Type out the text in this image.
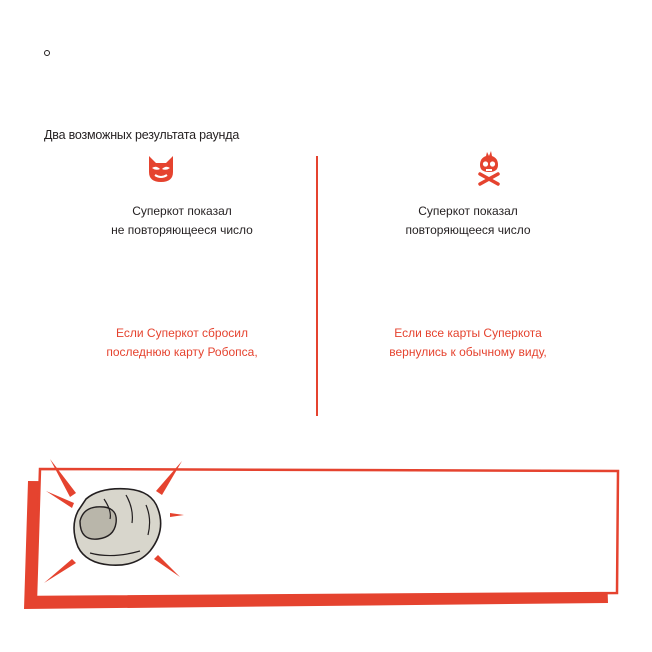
Два возможных результата раунда
Суперкот показал
не повторяющееся число
Если Суперкот сбросил
последнюю карту Робопса,
Суперкот показал
повторяющееся число
Если все карты Суперкота
вернулись к обычному виду,
